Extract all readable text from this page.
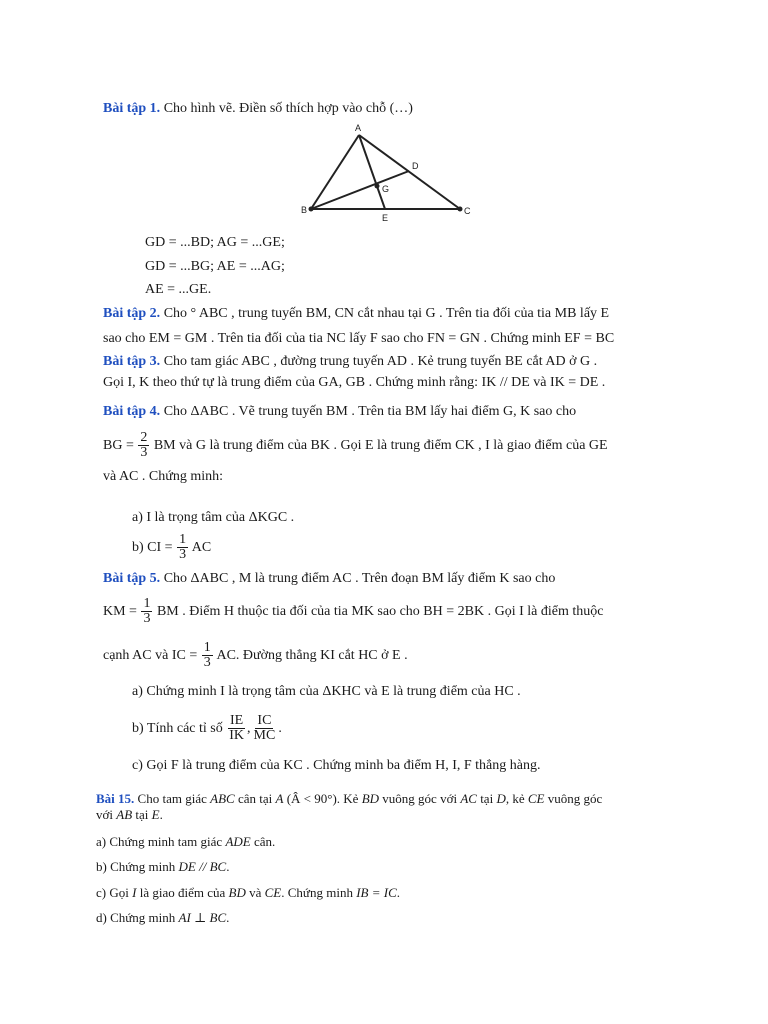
Bài tập 1. Cho hình vẽ. Điền số thích hợp vào chỗ (…)
A
D
G
B	C
E
GD = ...BD; AG = ...GE;
GD = ...BG; AE = ...AG;
AE = ...GE.
Bài tập 2. Cho ° ABC , trung tuyến BM, CN cắt nhau tại G . Trên tia đối của tia MB lấy E
sao cho EM = GM . Trên tia đối của tia NC lấy F sao cho FN = GN . Chứng minh EF = BC
Bài tập 3. Cho tam giác ABC , đường trung tuyến AD . Kẻ trung tuyến BE cắt AD ở G .
Gọi I, K theo thứ tự là trung điểm của GA, GB . Chứng minh rằng: IK // DE và IK = DE .
Bài tập 4. Cho ΔABC . Vẽ trung tuyến BM . Trên tia BM lấy hai điểm G, K sao cho
BG = $\frac{2}{3}$ BM và G là trung điểm của BK . Gọi E là trung điểm CK , I là giao điểm của GE
và AC . Chứng minh:
a) I là trọng tâm của ΔKGC .
b) CI = $\frac{1}{3}$ AC
Bài tập 5. Cho ΔABC , M là trung điểm AC . Trên đoạn BM lấy điểm K sao cho
KM = $\frac{1}{3}$ BM . Điểm H thuộc tia đối của tia MK sao cho BH = 2BK . Gọi I là điểm thuộc
cạnh AC và IC = $\frac{1}{3}$ AC. Đường thẳng KI cắt HC ở E .
a) Chứng minh I là trọng tâm của ΔKHC và E là trung điểm của HC .
b) Tính các tỉ số $\frac{IE}{IK}$ , $\frac{IC}{MC}$ .
c) Gọi F là trung điểm của KC . Chứng minh ba điểm H, I, F thẳng hàng.
Bài 15. Cho tam giác ABC cân tại A (Â < 90°). Kẻ BD vuông góc với AC tại D, kẻ CE vuông góc
với AB tại E.
a) Chứng minh tam giác ADE cân.
b) Chứng minh DE // BC.
c) Gọi I là giao điểm của BD và CE. Chứng minh IB = IC.
d) Chứng minh AI ⊥ BC.
